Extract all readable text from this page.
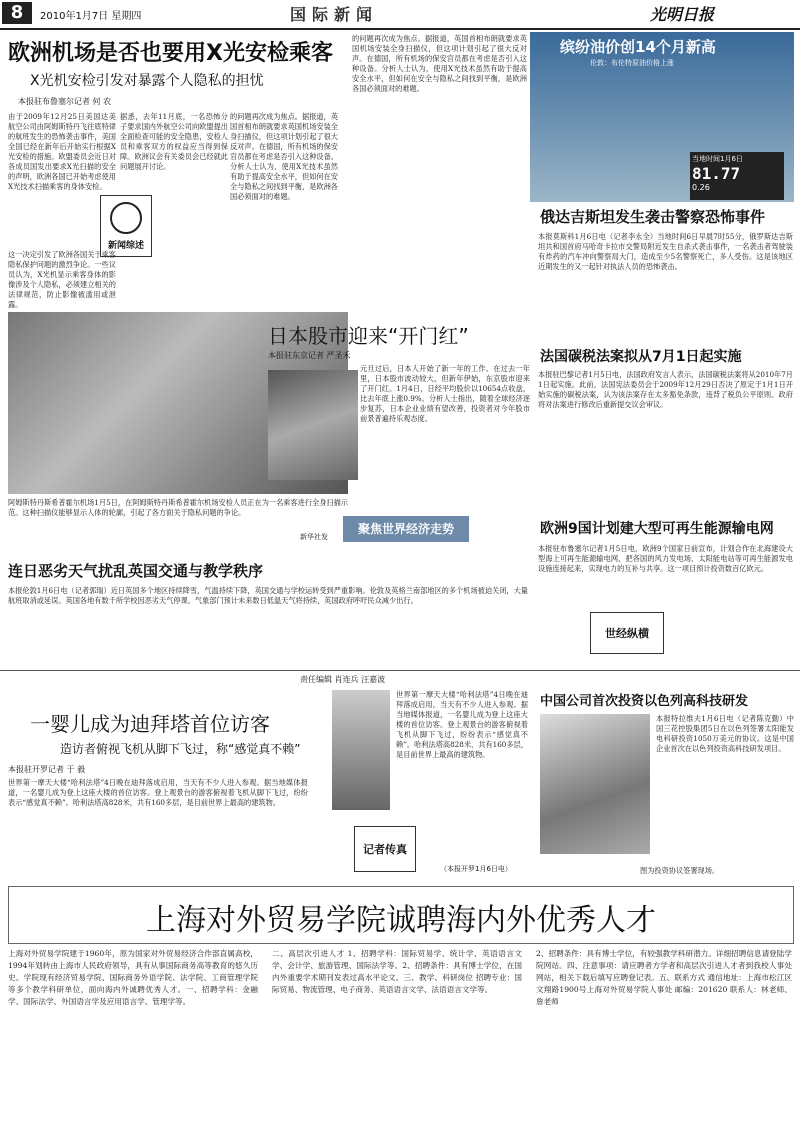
8	2010年1月7日 星期四	国际新闻	光明日报
欧洲机场是否也要用X光安检乘客
X光机安检引发对暴露个人隐私的担忧
本报驻布鲁塞尔记者 何 农
由于2009年12月25日美国达美航空公司由阿姆斯特丹飞往底特律的航班发生的恐怖袭击事件，美国全国已经在新年后开始实行根据X光安检的措施。欧盟委员会近日对各成员国发出要求X光扫描的安全的声明，欧洲各国已开始考虑使用X光技术扫描乘客的身体安检。
这一决定引发了欧洲各国关于乘客隐私保护问题的激烈争论。一些议员认为，X光机显示乘客身体的影像涉及个人隐私，必须建立相关的法律规范，防止影像被滥用或泄露。
据悉，去年11月底，一名恐怖分子要求国内外航空公司向欧盟提出全面检查可能的安全隐患，安检人员和乘客双方的权益应当得到保障。欧洲议会有关委员会已经就此问题展开讨论。
的问题再次成为焦点。据报道，英国首相布朗就要求英国机场安装全身扫描仪，但这项计划引起了很大反对声。在德国，所有机场的保安官员都在考虑是否引入这种设备。分析人士认为，使用X光技术虽然有助于提高安全水平，但如何在安全与隐私之间找到平衡，是欧洲各国必须面对的难题。
新闻综述
阿姆斯特丹斯希普霍尔机场1月5日，在阿姆斯特丹斯希普霍尔机场安检人员正在为一名乘客进行全身扫描示范。这种扫描仪能够显示人体的轮廓，引起了各方面关于隐私问题的争论。
新华社发
的问题再次成为焦点。据报道，英国首相布朗就要求英国机场安装全身扫描仪，但这项计划引起了很大反对声。在德国，所有机场的保安官员都在考虑是否引入这种设备。分析人士认为，使用X光技术虽然有助于提高安全水平，但如何在安全与隐私之间找到平衡，是欧洲各国必须面对的难题。
缤纷油价创14个月新高
伦敦：布伦特原油价格上涨
当地时间1月6日
81.77
0.26
俄达吉斯坦发生袭击警察恐怖事件
本报莫斯科1月6日电（记者李永全）当地时间6日早晨7时55分，俄罗斯达吉斯坦共和国首府马哈奇卡拉市交警局附近发生自杀式袭击事件，一名袭击者驾驶装有炸药的汽车冲向警察局大门，造成至少5名警察死亡，多人受伤。这是该地区近期发生的又一起针对执法人员的恐怖袭击。
日本股市迎来“开门红”
本报驻东京记者 严圣禾
元旦过后，日本人开始了新一年的工作。在过去一年里，日本股市波动较大，但新年伊始，东京股市迎来了开门红。1月4日，日经平均股价以10654点收盘，比去年底上涨0.9%。分析人士指出，随着全球经济逐步复苏，日本企业业绩有望改善，投资者对今年股市前景普遍持乐观态度。
聚焦世界经济走势
法国碳税法案拟从7月1日起实施
本报驻巴黎记者1月5日电，法国政府发言人表示，法国碳税法案将从2010年7月1日起实施。此前，法国宪法委员会于2009年12月29日否决了原定于1月1日开始实施的碳税法案，认为该法案存在太多豁免条款，违背了税负公平原则。政府将对法案进行修改后重新提交议会审议。
欧洲9国计划建大型可再生能源输电网
本报驻布鲁塞尔记者1月5日电，欧洲9个国家日前宣布，计划合作在北海建设大型海上可再生能源输电网，把各国的风力发电场、太阳能电站等可再生能源发电设施连接起来，实现电力的互补与共享。这一项目预计投资数百亿欧元。
世经纵横
连日恶劣天气扰乱英国交通与教学秩序
本报伦敦1月6日电（记者郭瑞）近日英国多个地区持续降雪，气温持续下降，英国交通与学校运转受到严重影响。伦敦及英格兰南部地区的多个机场被迫关闭，大量航班取消或延误。英国各地有数千所学校因恶劣天气停课。气象部门预计未来数日低温天气将持续，英国政府呼吁民众减少出行。
责任编辑 肖连兵 汪嘉波
一婴儿成为迪拜塔首位访客
造访者俯视飞机从脚下飞过，称“感觉真不赖”
本报驻开罗记者 于 毅
世界第一摩天大楼“哈利法塔”4日晚在迪拜落成启用，当天有不少人进入参观。据当地媒体报道，一名婴儿成为登上这座大楼的首位访客。登上观景台的游客俯视着飞机从脚下飞过，纷纷表示“感觉真不赖”。哈利法塔高828米，共有160多层，是目前世界上最高的建筑物。
世界第一摩天大楼“哈利法塔”4日晚在迪拜落成启用，当天有不少人进入参观。据当地媒体报道，一名婴儿成为登上这座大楼的首位访客。登上观景台的游客俯视着飞机从脚下飞过，纷纷表示“感觉真不赖”。哈利法塔高828米，共有160多层，是目前世界上最高的建筑物。
记者传真
（本报开罗1月6日电）
中国公司首次投资以色列高科技研发
本报特拉维夫1月6日电（记者陈克勤）中国三花控股集团5日在以色列签署太阳能发电科研投资1050万美元的协议。这是中国企业首次在以色列投资高科技研发项目。
图为投资协议签署现场。
上海对外贸易学院诚聘海内外优秀人才
上海对外贸易学院建于1960年，原为国家对外贸易经济合作部直属高校，1994年划转由上海市人民政府领导，具有从事国际商务高等教育的悠久历史。学院现有经济贸易学院、国际商务外语学院、法学院、工商管理学院等多个教学科研单位，面向海内外诚聘优秀人才。一、招聘学科：金融学、国际法学、外国语言学及应用语言学、管理学等。
二、高层次引进人才 1、招聘学科：国际贸易学、统计学、英语语言文学、会计学、旅游管理、国际法学等。2、招聘条件：具有博士学位，在国内外重要学术期刊发表过高水平论文。三、教学、科研岗位 招聘专业：国际贸易、物流管理、电子商务、英语语言文学、法语语言文学等。
2、招聘条件：具有博士学位，有较强教学科研潜力。详细招聘信息请登陆学院网站。四、注意事项：请应聘者方学者和高层次引进人才者到我校人事处网站，相关下载后填写应聘登记表。五、联系方式 通信地址：上海市松江区文翔路1900号上海对外贸易学院人事处 邮编：201620 联系人：林老师、詹老师
